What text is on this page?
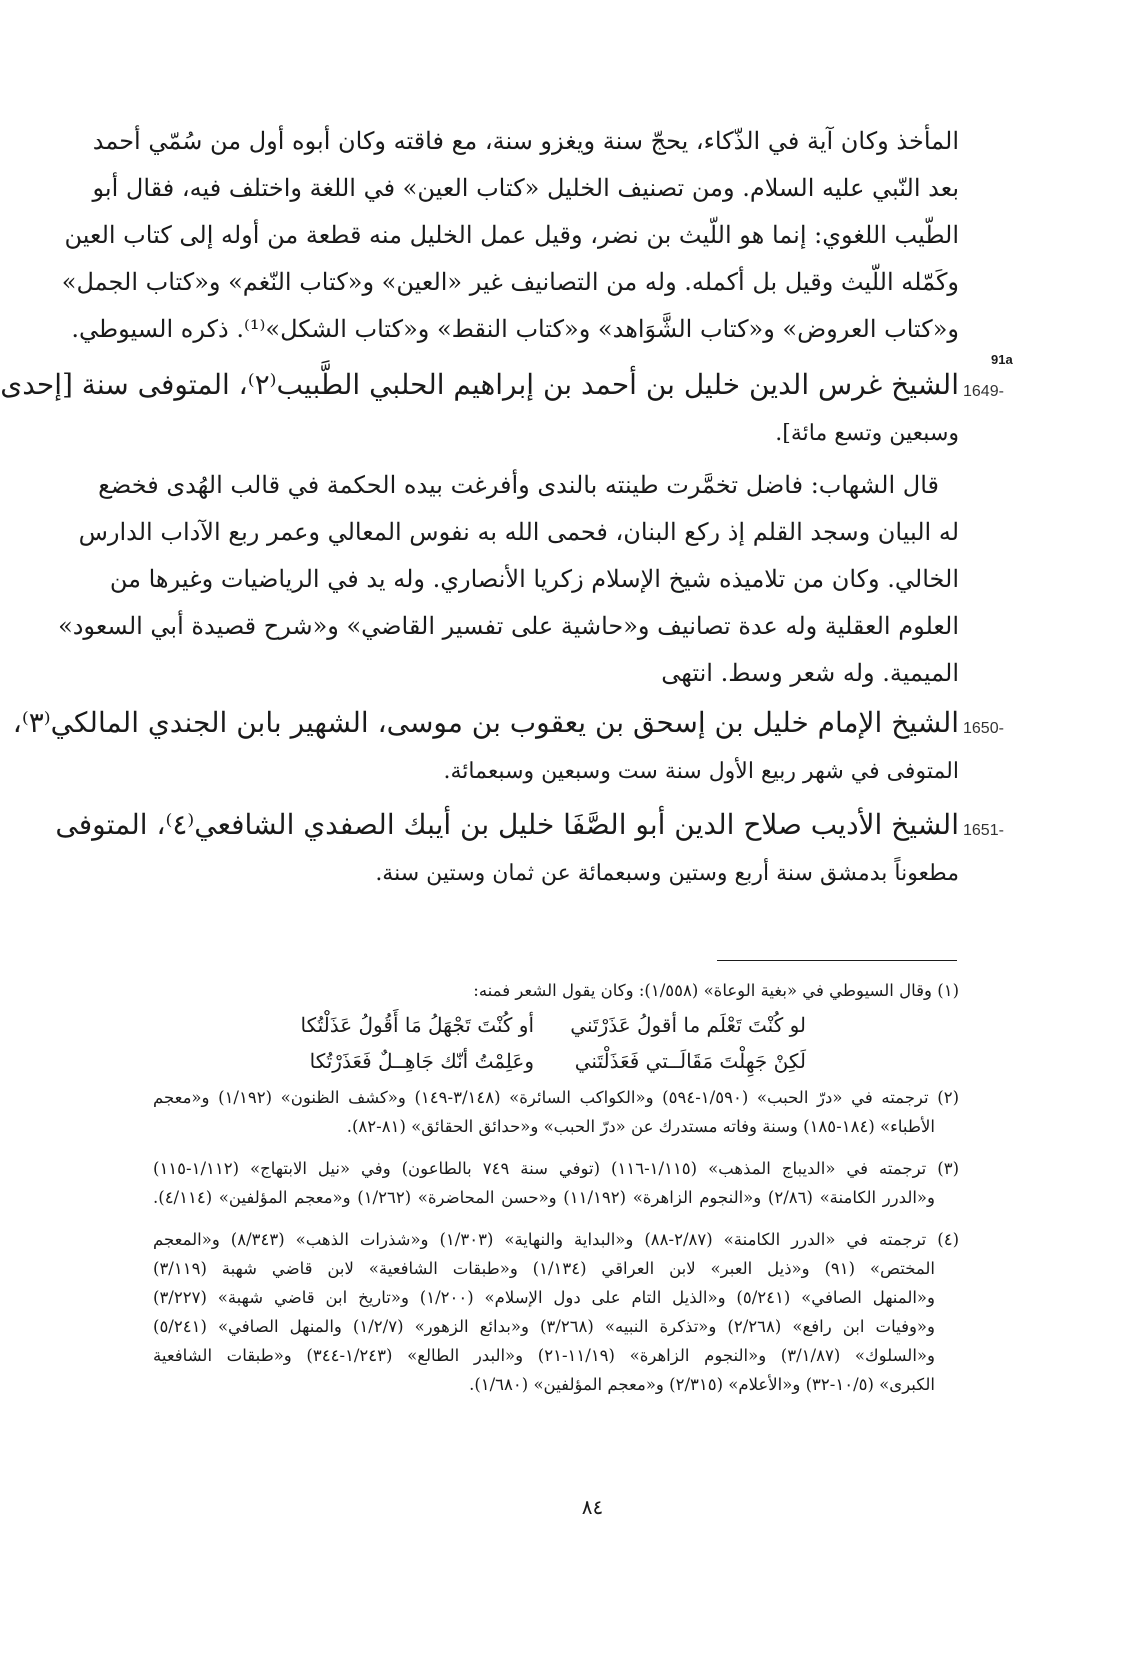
المأخذ وكان آية في الذّكاء، يحجّ سنة ويغزو سنة، مع فاقته وكان أبوه أول من سُمّي أحمد
بعد النّبي عليه السلام. ومن تصنيف الخليل «كتاب العين» في اللغة واختلف فيه، فقال أبو
الطّيب اللغوي: إنما هو اللّيث بن نضر، وقيل عمل الخليل منه قطعة من أوله إلى كتاب العين
وكَمّله اللّيث وقيل بل أكمله. وله من التصانيف غير «العين» و«كتاب النّغم» و«كتاب الجمل»
و«كتاب العروض» و«كتاب الشَّوَاهد» و«كتاب النقط» و«كتاب الشكل»⁽¹⁾. ذكره السيوطي.
91a
1649-
الشيخ غرس الدين خليل بن أحمد بن إبراهيم الحلبي الطَّبيب⁽٢⁾، المتوفى سنة [إحدى
وسبعين وتسع مائة].
قال الشهاب: فاضل تخمَّرت طينته بالندى وأفرغت بيده الحكمة في قالب الهُدى فخضع
له البيان وسجد القلم إذ ركع البنان، فحمى الله به نفوس المعالي وعمر ربع الآداب الدارس
الخالي. وكان من تلاميذه شيخ الإسلام زكريا الأنصاري. وله يد في الرياضيات وغيرها من
العلوم العقلية وله عدة تصانيف و«حاشية على تفسير القاضي» و«شرح قصيدة أبي السعود»
الميمية. وله شعر وسط. انتهى
1650-
الشيخ الإمام خليل بن إسحق بن يعقوب بن موسى، الشهير بابن الجندي المالكي⁽٣⁾،
المتوفى في شهر ربيع الأول سنة ست وسبعين وسبعمائة.
1651-
الشيخ الأديب صلاح الدين أبو الصَّفَا خليل بن أيبك الصفدي الشافعي⁽٤⁾، المتوفى
مطعوناً بدمشق سنة أربع وستين وسبعمائة عن ثمان وستين سنة.
(١) وقال السيوطي في «بغية الوعاة» (١/٥٥٨): وكان يقول الشعر فمنه:
لو كُنْتَ تَعْلَم ما أقولُ عَذَرْتَني
أو كُنْتَ تَجْهَلُ مَا أَقُولُ عَذَلْتُكا
لَكِنْ جَهِلْتَ مَقَالَــتي فَعَذَلْتَني
وعَلِمْتُ أنّك جَاهِــلٌ فَعَذَرْتُكا
(٢) ترجمته في «درّ الحبب» (١/٥٩٠-٥٩٤) و«الكواكب السائرة» (٣/١٤٨-١٤٩) و«كشف الظنون» (١/١٩٢) و«معجم
الأطباء» (١٨٤-١٨٥) وسنة وفاته مستدرك عن «درّ الحبب» و«حدائق الحقائق» (٨١-٨٢).
(٣) ترجمته في «الديباج المذهب» (١/١١٥-١١٦) (توفي سنة ٧٤٩ بالطاعون) وفي «نيل الابتهاج» (١/١١٢-١١٥)
و«الدرر الكامنة» (٢/٨٦) و«النجوم الزاهرة» (١١/١٩٢) و«حسن المحاضرة» (١/٢٦٢) و«معجم المؤلفين» (٤/١١٤).
(٤) ترجمته في «الدرر الكامنة» (٢/٨٧-٨٨) و«البداية والنهاية» (١/٣٠٣) و«شذرات الذهب» (٨/٣٤٣) و«المعجم
المختص» (٩١) و«ذيل العبر» لابن العراقي (١/١٣٤) و«طبقات الشافعية» لابن قاضي شهبة (٣/١١٩)
و«المنهل الصافي» (٥/٢٤١) و«الذيل التام على دول الإسلام» (١/٢٠٠) و«تاريخ ابن قاضي شهبة» (٣/٢٢٧)
و«وفيات ابن رافع» (٢/٢٦٨) و«تذكرة النبيه» (٣/٢٦٨) و«بدائع الزهور» (١/٢/٧) والمنهل الصافي» (٥/٢٤١)
و«السلوك» (٣/١/٨٧) و«النجوم الزاهرة» (١١/١٩-٢١) و«البدر الطالع» (١/٢٤٣-٣٤٤) و«طبقات الشافعية
الكبرى» (١٠/٥-٣٢) و«الأعلام» (٢/٣١٥) و«معجم المؤلفين» (١/٦٨٠).
٨٤
